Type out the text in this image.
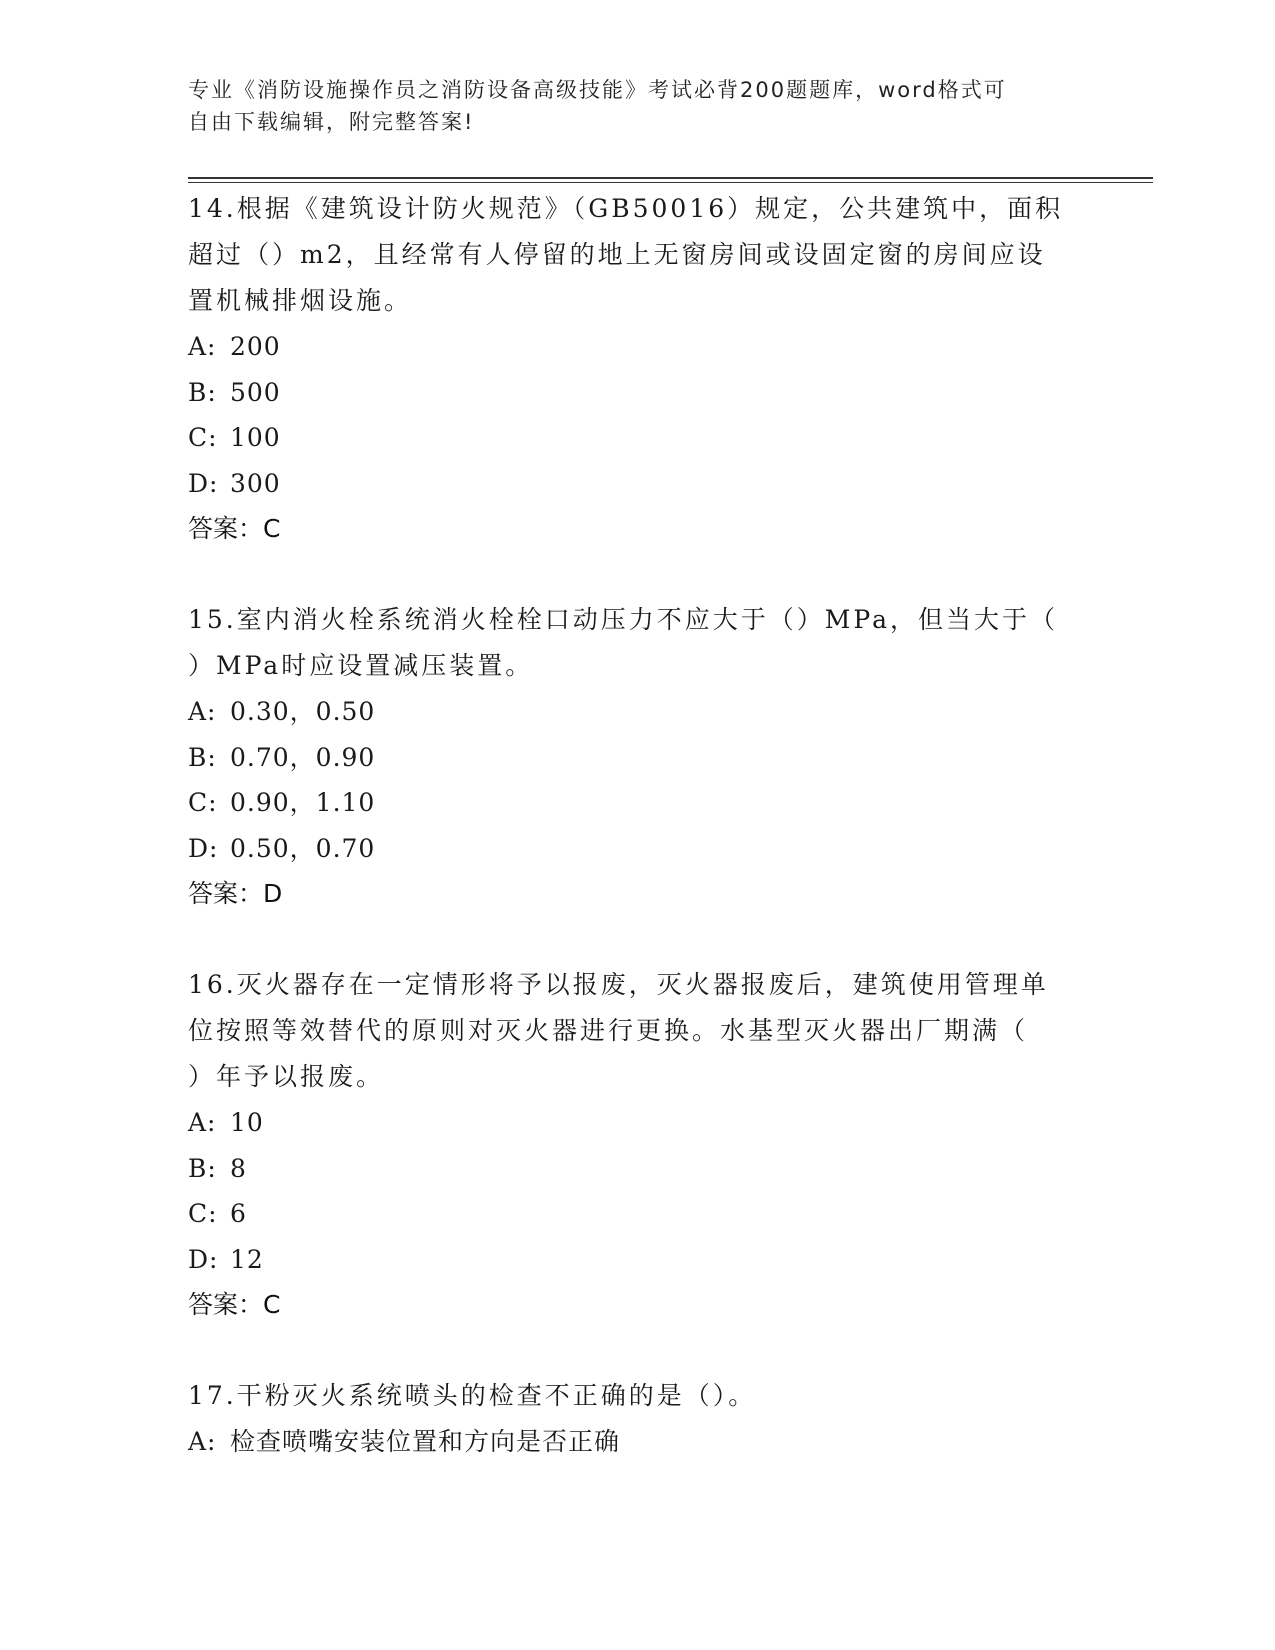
专业《消防设施操作员之消防设备高级技能》考试必背200题题库，word格式可
自由下载编辑，附完整答案!

14.根据《建筑设计防火规范》（GB50016）规定，公共建筑中，面积

超过（）m2，且经常有人停留的地上无窗房间或设固定窗的房间应设

置机械排烟设施。

A: 200

B: 500

C: 100

D: 300

答案：C

15.室内消火栓系统消火栓栓口动压力不应大于（）MPa，但当大于（

）MPa时应设置减压装置。

A: 0.30，0.50

B: 0.70，0.90

C: 0.90，1.10

D: 0.50，0.70

答案：D

16.灭火器存在一定情形将予以报废，灭火器报废后，建筑使用管理单

位按照等效替代的原则对灭火器进行更换。水基型灭火器出厂期满（

）年予以报废。

A: 10

B: 8

C: 6

D: 12

答案：C

17.干粉灭火系统喷头的检查不正确的是（）。

A: 检查喷嘴安装位置和方向是否正确
